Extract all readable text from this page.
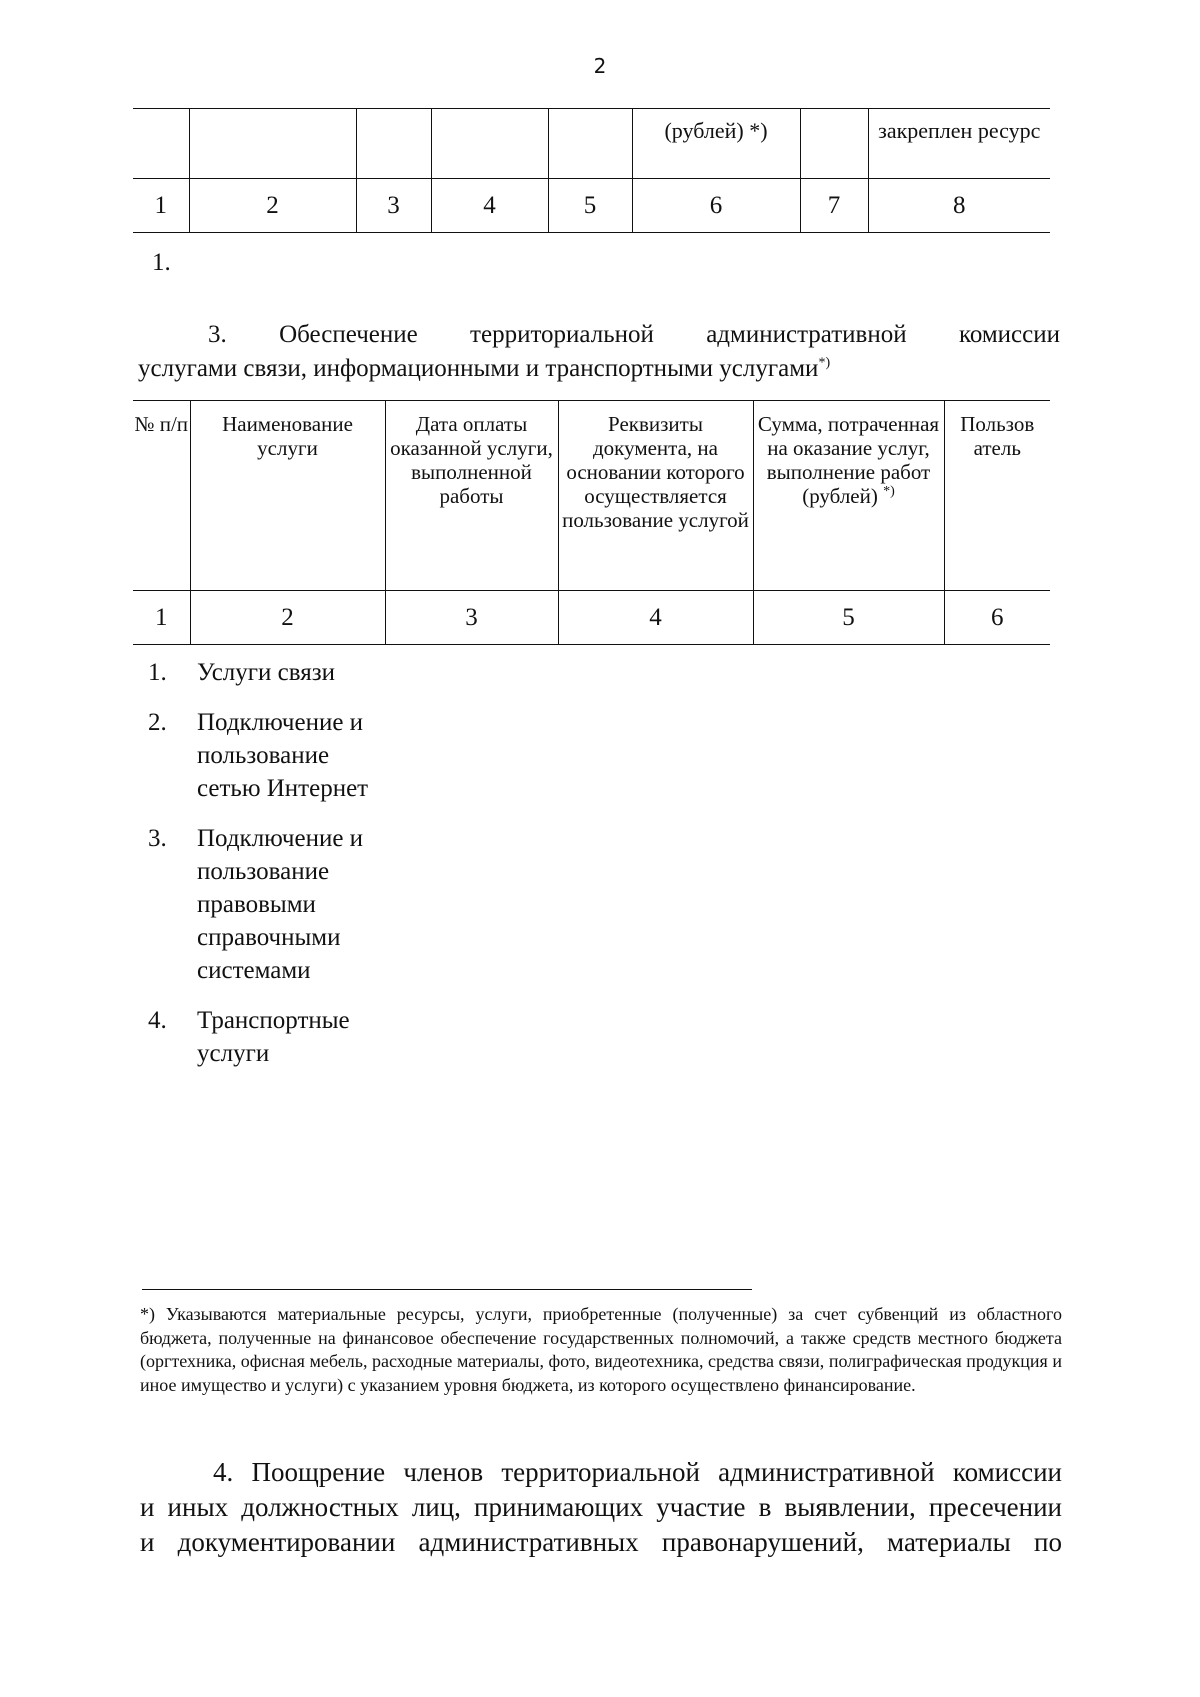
2
					(рублей) *)		закреплен ресурс
1	2	3	4	5	6	7	8
1.
3. Обеспечение территориальной административной комиссии
услугами связи, информационными и транспортными услугами*)
№ п/п	Наименование услуги	Дата оплаты оказанной услуги, выполненной работы	Реквизиты документа, на основании которого осуществляется пользование услугой	Сумма, потраченная на оказание услуг, выполнение работ (рублей) *)	Пользов атель
1	2	3	4	5	6
1.	Услуги связи
2.	Подключение и пользование сетью Интернет
3.	Подключение и пользование правовыми справочными системами
4.	Транспортные услуги
*) Указываются материальные ресурсы, услуги, приобретенные (полученные) за счет субвенций из областного бюджета, полученные на финансовое обеспечение государственных полномочий, а также средств местного бюджета (оргтехника, офисная мебель, расходные материалы, фото, видеотехника, средства связи, полиграфическая продукция и иное имущество и услуги) с указанием уровня бюджета, из которого осуществлено финансирование.
4. Поощрение членов территориальной административной комиссии
и иных должностных лиц, принимающих участие в выявлении, пресечении
и документировании административных правонарушений, материалы по
